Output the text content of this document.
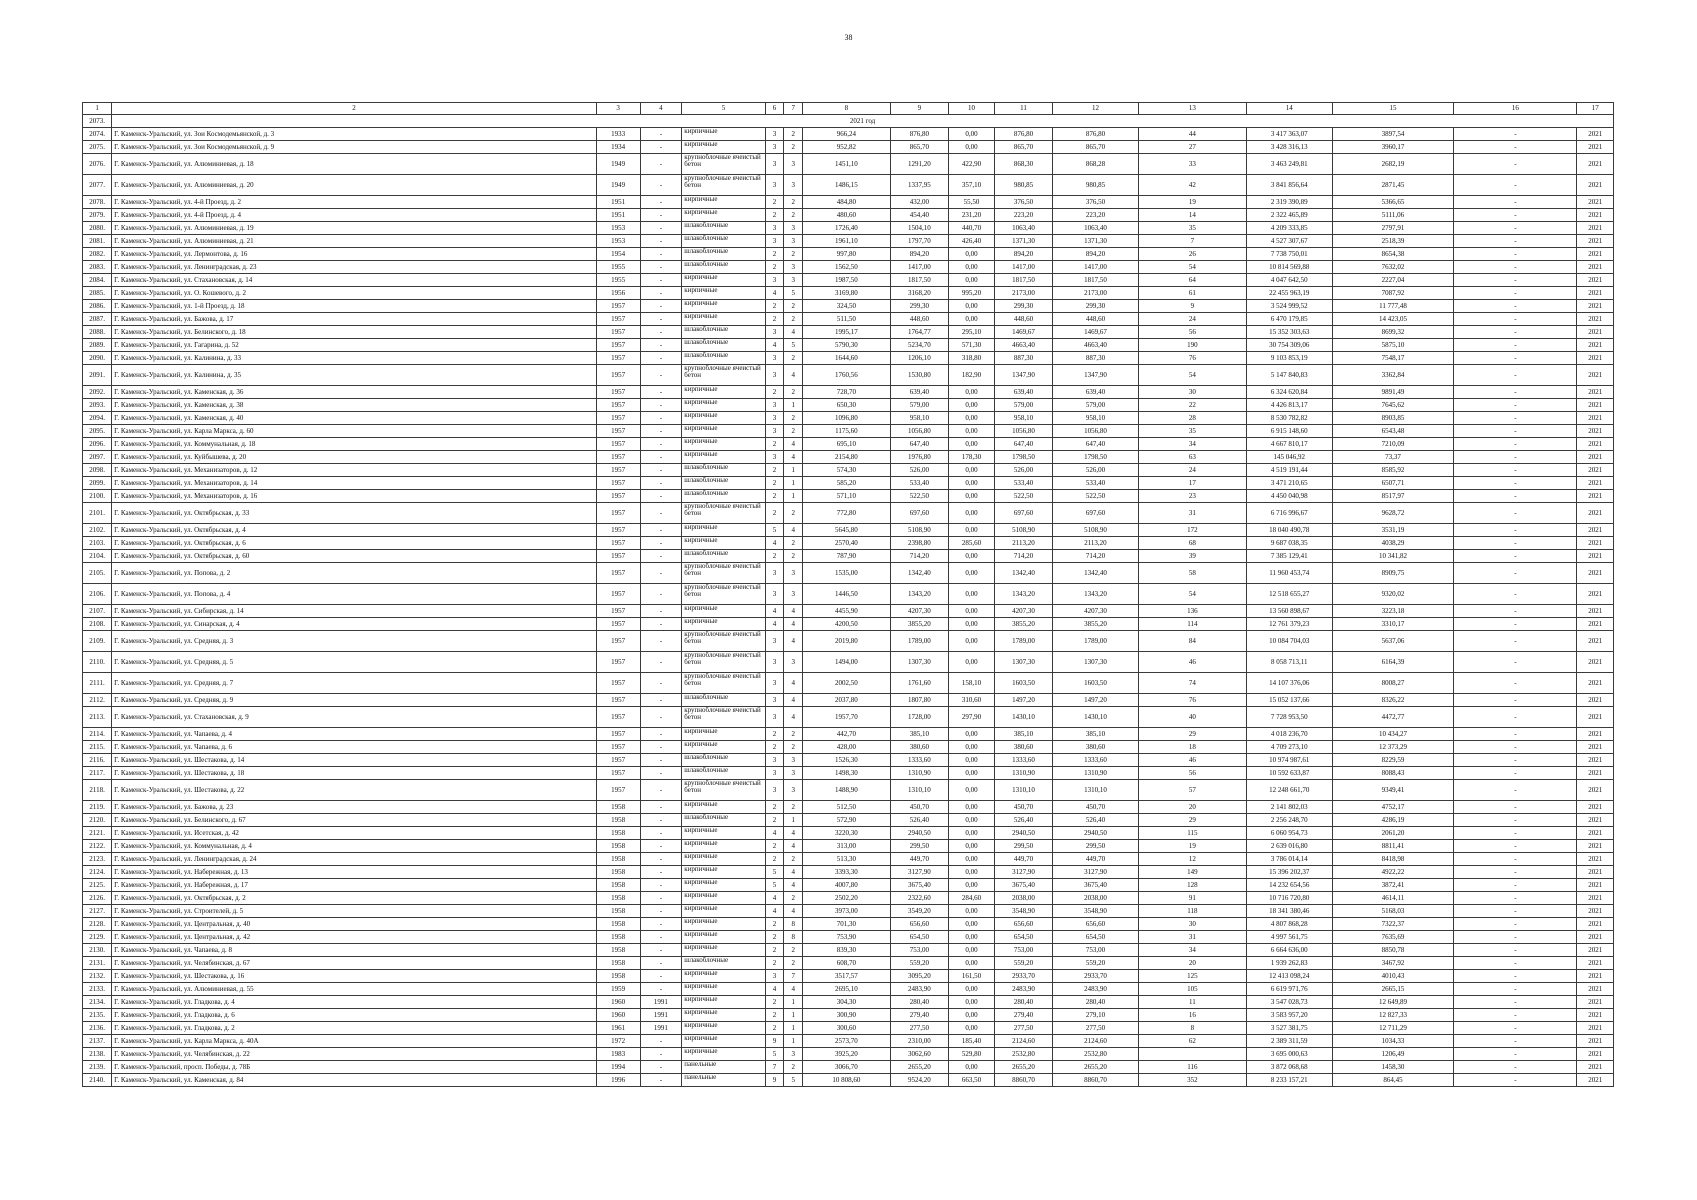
38
1	2	3	4	5	6	7	8	9	10	11	12	13	14	15	16	17
2073.	2021 год															
2074.	Г. Каменск-Уральский, ул. Зои Космодемьянской, д. 3	1933	-	кирпичные	3	2	966,24	876,80	0,00	876,80	876,80	44	3 417 363,07	3897,54	-	2021
2075.	Г. Каменск-Уральский, ул. Зои Космодемьянской, д. 9	1934	-	кирпичные	3	2	952,82	865,70	0,00	865,70	865,70	27	3 428 316,13	3960,17	-	2021
2076.	Г. Каменск-Уральский, ул. Алюминиевая, д. 18	1949	-	крупноблочные ячеистый бетон	3	3	1451,10	1291,20	422,90	868,30	868,28	33	3 463 249,81	2682,19	-	2021
2077.	Г. Каменск-Уральский, ул. Алюминиевая, д. 20	1949	-	крупноблочные ячеистый бетон	3	3	1486,15	1337,95	357,10	980,85	980,85	42	3 841 856,64	2871,45	-	2021
2078.	Г. Каменск-Уральский, ул. 4-й Проезд, д. 2	1951	-	кирпичные	2	2	484,80	432,00	55,50	376,50	376,50	19	2 319 390,89	5366,65	-	2021
2079.	Г. Каменск-Уральский, ул. 4-й Проезд, д. 4	1951	-	кирпичные	2	2	480,60	454,40	231,20	223,20	223,20	14	2 322 465,89	5111,06	-	2021
2080.	Г. Каменск-Уральский, ул. Алюминиевая, д. 19	1953	-	шлакоблочные	3	3	1726,40	1504,10	440,70	1063,40	1063,40	35	4 209 333,85	2797,91	-	2021
2081.	Г. Каменск-Уральский, ул. Алюминиевая, д. 21	1953	-	шлакоблочные	3	3	1961,10	1797,70	426,40	1371,30	1371,30	7	4 527 307,67	2518,39	-	2021
2082.	Г. Каменск-Уральский, ул. Лермонтова, д. 16	1954	-	шлакоблочные	2	2	997,80	894,20	0,00	894,20	894,20	26	7 738 750,01	8654,38	-	2021
2083.	Г. Каменск-Уральский, ул. Ленинградская, д. 23	1955	-	шлакоблочные	2	3	1562,50	1417,00	0,00	1417,00	1417,00	54	10 814 569,88	7632,02	-	2021
2084.	Г. Каменск-Уральский, ул. Стахановская, д. 14	1955	-	кирпичные	3	3	1987,50	1817,50	0,00	1817,50	1817,50	64	4 047 642,50	2227,04	-	2021
2085.	Г. Каменск-Уральский, ул. О. Кошевого, д. 2	1956	-	кирпичные	4	5	3169,80	3168,20	995,20	2173,00	2173,00	61	22 455 963,19	7087,92	-	2021
2086.	Г. Каменск-Уральский, ул. 1-й Проезд, д. 18	1957	-	кирпичные	2	2	324,50	299,30	0,00	299,30	299,30	9	3 524 999,52	11 777,48	-	2021
2087.	Г. Каменск-Уральский, ул. Бажова, д. 17	1957	-	кирпичные	2	2	511,50	448,60	0,00	448,60	448,60	24	6 470 179,85	14 423,05	-	2021
2088.	Г. Каменск-Уральский, ул. Белинского, д. 18	1957	-	шлакоблочные	3	4	1995,17	1764,77	295,10	1469,67	1469,67	56	15 352 303,63	8699,32	-	2021
2089.	Г. Каменск-Уральский, ул. Гагарина, д. 52	1957	-	шлакоблочные	4	5	5790,30	5234,70	571,30	4663,40	4663,40	190	30 754 309,06	5875,10	-	2021
2090.	Г. Каменск-Уральский, ул. Калинина, д. 33	1957	-	шлакоблочные	3	2	1644,60	1206,10	318,80	887,30	887,30	76	9 103 853,19	7548,17	-	2021
2091.	Г. Каменск-Уральский, ул. Калинина, д. 35	1957	-	крупноблочные ячеистый бетон	3	4	1760,56	1530,80	182,90	1347,90	1347,90	54	5 147 840,83	3362,84	-	2021
2092.	Г. Каменск-Уральский, ул. Каменская, д. 36	1957	-	кирпичные	2	2	728,70	639,40	0,00	639,40	639,40	30	6 324 620,84	9891,49	-	2021
2093.	Г. Каменск-Уральский, ул. Каменская, д. 38	1957	-	кирпичные	3	1	650,30	579,00	0,00	579,00	579,00	22	4 426 813,17	7645,62	-	2021
2094.	Г. Каменск-Уральский, ул. Каменская, д. 40	1957	-	кирпичные	3	2	1096,80	958,10	0,00	958,10	958,10	28	8 530 782,82	8903,85	-	2021
2095.	Г. Каменск-Уральский, ул. Карла Маркса, д. 60	1957	-	кирпичные	3	2	1175,60	1056,80	0,00	1056,80	1056,80	35	6 915 148,60	6543,48	-	2021
2096.	Г. Каменск-Уральский, ул. Коммунальная, д. 18	1957	-	кирпичные	2	4	695,10	647,40	0,00	647,40	647,40	34	4 667 810,17	7210,09	-	2021
2097.	Г. Каменск-Уральский, ул. Куйбышева, д. 20	1957	-	кирпичные	3	4	2154,80	1976,80	178,30	1798,50	1798,50	63	145 046,92	73,37	-	2021
2098.	Г. Каменск-Уральский, ул. Механизаторов, д. 12	1957	-	шлакоблочные	2	1	574,30	526,00	0,00	526,00	526,00	24	4 519 191,44	8585,92	-	2021
2099.	Г. Каменск-Уральский, ул. Механизаторов, д. 14	1957	-	шлакоблочные	2	1	585,20	533,40	0,00	533,40	533,40	17	3 471 210,65	6507,71	-	2021
2100.	Г. Каменск-Уральский, ул. Механизаторов, д. 16	1957	-	шлакоблочные	2	1	571,10	522,50	0,00	522,50	522,50	23	4 450 040,98	8517,97	-	2021
2101.	Г. Каменск-Уральский, ул. Октябрьская, д. 33	1957	-	крупноблочные ячеистый бетон	2	2	772,80	697,60	0,00	697,60	697,60	31	6 716 996,67	9628,72	-	2021
2102.	Г. Каменск-Уральский, ул. Октябрьская, д. 4	1957	-	кирпичные	5	4	5645,80	5108,90	0,00	5108,90	5108,90	172	18 040 490,78	3531,19	-	2021
2103.	Г. Каменск-Уральский, ул. Октябрьская, д. 6	1957	-	кирпичные	4	2	2570,40	2398,80	285,60	2113,20	2113,20	68	9 687 038,35	4038,29	-	2021
2104.	Г. Каменск-Уральский, ул. Октябрьская, д. 60	1957	-	шлакоблочные	2	2	787,90	714,20	0,00	714,20	714,20	39	7 385 129,41	10 341,82	-	2021
2105.	Г. Каменск-Уральский, ул. Попова, д. 2	1957	-	крупноблочные ячеистый бетон	3	3	1535,00	1342,40	0,00	1342,40	1342,40	58	11 960 453,74	8909,75	-	2021
2106.	Г. Каменск-Уральский, ул. Попова, д. 4	1957	-	крупноблочные ячеистый бетон	3	3	1446,50	1343,20	0,00	1343,20	1343,20	54	12 518 655,27	9320,02	-	2021
2107.	Г. Каменск-Уральский, ул. Сибирская, д. 14	1957	-	кирпичные	4	4	4455,90	4207,30	0,00	4207,30	4207,30	136	13 560 898,67	3223,18	-	2021
2108.	Г. Каменск-Уральский, ул. Синарская, д. 4	1957	-	кирпичные	4	4	4200,50	3855,20	0,00	3855,20	3855,20	114	12 761 379,23	3310,17	-	2021
2109.	Г. Каменск-Уральский, ул. Средняя, д. 3	1957	-	крупноблочные ячеистый бетон	3	4	2019,80	1789,00	0,00	1789,00	1789,00	84	10 084 704,03	5637,06	-	2021
2110.	Г. Каменск-Уральский, ул. Средняя, д. 5	1957	-	крупноблочные ячеистый бетон	3	3	1494,00	1307,30	0,00	1307,30	1307,30	46	8 058 713,11	6164,39	-	2021
2111.	Г. Каменск-Уральский, ул. Средняя, д. 7	1957	-	крупноблочные ячеистый бетон	3	4	2002,50	1761,60	158,10	1603,50	1603,50	74	14 107 376,06	8008,27	-	2021
2112.	Г. Каменск-Уральский, ул. Средняя, д. 9	1957	-	шлакоблочные	3	4	2037,80	1807,80	310,60	1497,20	1497,20	76	15 052 137,66	8326,22	-	2021
2113.	Г. Каменск-Уральский, ул. Стахановская, д. 9	1957	-	крупноблочные ячеистый бетон	3	4	1957,70	1728,00	297,90	1430,10	1430,10	40	7 728 953,50	4472,77	-	2021
2114.	Г. Каменск-Уральский, ул. Чапаева, д. 4	1957	-	кирпичные	2	2	442,70	385,10	0,00	385,10	385,10	29	4 018 236,70	10 434,27	-	2021
2115.	Г. Каменск-Уральский, ул. Чапаева, д. 6	1957	-	кирпичные	2	2	428,00	380,60	0,00	380,60	380,60	18	4 709 273,10	12 373,29	-	2021
2116.	Г. Каменск-Уральский, ул. Шестакова, д. 14	1957	-	шлакоблочные	3	3	1526,30	1333,60	0,00	1333,60	1333,60	46	10 974 987,61	8229,59	-	2021
2117.	Г. Каменск-Уральский, ул. Шестакова, д. 18	1957	-	шлакоблочные	3	3	1498,30	1310,90	0,00	1310,90	1310,90	56	10 592 633,87	8088,43	-	2021
2118.	Г. Каменск-Уральский, ул. Шестакова, д. 22	1957	-	крупноблочные ячеистый бетон	3	3	1488,90	1310,10	0,00	1310,10	1310,10	57	12 248 661,70	9349,41	-	2021
2119.	Г. Каменск-Уральский, ул. Бажова, д. 23	1958	-	кирпичные	2	2	512,50	450,70	0,00	450,70	450,70	20	2 141 802,03	4752,17	-	2021
2120.	Г. Каменск-Уральский, ул. Белинского, д. 67	1958	-	шлакоблочные	2	1	572,90	526,40	0,00	526,40	526,40	29	2 256 248,70	4286,19	-	2021
2121.	Г. Каменск-Уральский, ул. Исетская, д. 42	1958	-	кирпичные	4	4	3220,30	2940,50	0,00	2940,50	2940,50	115	6 060 954,73	2061,20	-	2021
2122.	Г. Каменск-Уральский, ул. Коммунальная, д. 4	1958	-	кирпичные	2	4	313,00	299,50	0,00	299,50	299,50	19	2 639 016,80	8811,41	-	2021
2123.	Г. Каменск-Уральский, ул. Ленинградская, д. 24	1958	-	кирпичные	2	2	513,30	449,70	0,00	449,70	449,70	12	3 786 014,14	8418,98	-	2021
2124.	Г. Каменск-Уральский, ул. Набережная, д. 13	1958	-	кирпичные	5	4	3393,30	3127,90	0,00	3127,90	3127,90	149	15 396 202,37	4922,22	-	2021
2125.	Г. Каменск-Уральский, ул. Набережная, д. 17	1958	-	кирпичные	5	4	4007,80	3675,40	0,00	3675,40	3675,40	128	14 232 654,56	3872,41	-	2021
2126.	Г. Каменск-Уральский, ул. Октябрьская, д. 2	1958	-	кирпичные	4	2	2502,20	2322,60	284,60	2038,00	2038,00	91	10 716 720,80	4614,11	-	2021
2127.	Г. Каменск-Уральский, ул. Строителей, д. 5	1958	-	кирпичные	4	4	3973,00	3549,20	0,00	3548,90	3548,90	118	18 341 380,46	5168,03	-	2021
2128.	Г. Каменск-Уральский, ул. Центральная, д. 40	1958	-	кирпичные	2	8	701,30	656,60	0,00	656,60	656,60	30	4 807 868,28	7322,37	-	2021
2129.	Г. Каменск-Уральский, ул. Центральная, д. 42	1958	-	кирпичные	2	8	753,90	654,50	0,00	654,50	654,50	31	4 997 561,75	7635,69	-	2021
2130.	Г. Каменск-Уральский, ул. Чапаева, д. 8	1958	-	кирпичные	2	2	839,30	753,00	0,00	753,00	753,00	34	6 664 636,00	8850,78	-	2021
2131.	Г. Каменск-Уральский, ул. Челябинская, д. 67	1958	-	шлакоблочные	2	2	608,70	559,20	0,00	559,20	559,20	20	1 939 262,83	3467,92	-	2021
2132.	Г. Каменск-Уральский, ул. Шестакова, д. 16	1958	-	кирпичные	3	7	3517,57	3095,20	161,50	2933,70	2933,70	125	12 413 098,24	4010,43	-	2021
2133.	Г. Каменск-Уральский, ул. Алюминиевая, д. 55	1959	-	кирпичные	4	4	2695,10	2483,90	0,00	2483,90	2483,90	105	6 619 971,76	2665,15	-	2021
2134.	Г. Каменск-Уральский, ул. Гладкова, д. 4	1960	1991	кирпичные	2	1	304,30	280,40	0,00	280,40	280,40	11	3 547 028,73	12 649,89	-	2021
2135.	Г. Каменск-Уральский, ул. Гладкова, д. 6	1960	1991	кирпичные	2	1	300,90	279,40	0,00	279,40	279,10	16	3 583 957,20	12 827,33	-	2021
2136.	Г. Каменск-Уральский, ул. Гладкова, д. 2	1961	1991	кирпичные	2	1	300,60	277,50	0,00	277,50	277,50	8	3 527 381,75	12 711,29	-	2021
2137.	Г. Каменск-Уральский, ул. Карла Маркса, д. 40А	1972	-	кирпичные	9	1	2573,70	2310,00	185,40	2124,60	2124,60	62	2 389 311,59	1034,33	-	2021
2138.	Г. Каменск-Уральский, ул. Челябинская, д. 22	1983	-	кирпичные	5	3	3925,20	3062,60	529,80	2532,80	2532,80		3 695 000,63	1206,49	-	2021
2139.	Г. Каменск-Уральский, просп. Победы, д. 78Б	1994	-	панельные	7	2	3066,70	2655,20	0,00	2655,20	2655,20	116	3 872 068,68	1458,30	-	2021
2140.	Г. Каменск-Уральский, ул. Каменская, д. 84	1996	-	панельные	9	5	10 808,60	9524,20	663,50	8860,70	8860,70	352	8 233 157,21	864,45	-	2021
